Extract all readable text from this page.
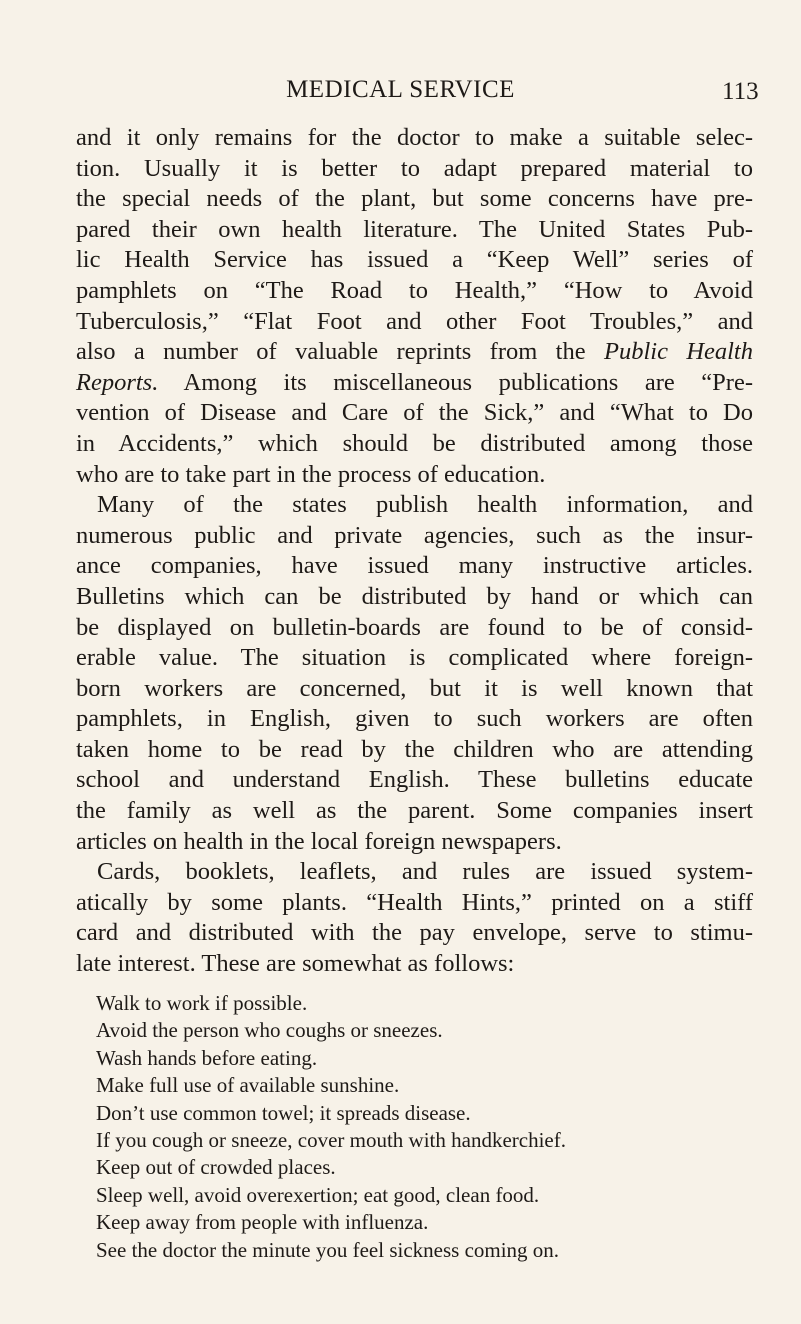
MEDICAL SERVICE	113
and it only remains for the doctor to make a suitable selec-
tion. Usually it is better to adapt prepared material to
the special needs of the plant, but some concerns have pre-
pared their own health literature. The United States Pub-
lic Health Service has issued a “Keep Well” series of
pamphlets on “The Road to Health,” “How to Avoid
Tuberculosis,” “Flat Foot and other Foot Troubles,” and
also a number of valuable reprints from the Public Health
Reports. Among its miscellaneous publications are “Pre-
vention of Disease and Care of the Sick,” and “What to Do
in Accidents,” which should be distributed among those
who are to take part in the process of education.
Many of the states publish health information, and
numerous public and private agencies, such as the insur-
ance companies, have issued many instructive articles.
Bulletins which can be distributed by hand or which can
be displayed on bulletin-boards are found to be of consid-
erable value. The situation is complicated where foreign-
born workers are concerned, but it is well known that
pamphlets, in English, given to such workers are often
taken home to be read by the children who are attending
school and understand English. These bulletins educate
the family as well as the parent. Some companies insert
articles on health in the local foreign newspapers.
Cards, booklets, leaflets, and rules are issued system-
atically by some plants. “Health Hints,” printed on a stiff
card and distributed with the pay envelope, serve to stimu-
late interest. These are somewhat as follows:
Walk to work if possible.
Avoid the person who coughs or sneezes.
Wash hands before eating.
Make full use of available sunshine.
Don’t use common towel; it spreads disease.
If you cough or sneeze, cover mouth with handkerchief.
Keep out of crowded places.
Sleep well, avoid overexertion; eat good, clean food.
Keep away from people with influenza.
See the doctor the minute you feel sickness coming on.
